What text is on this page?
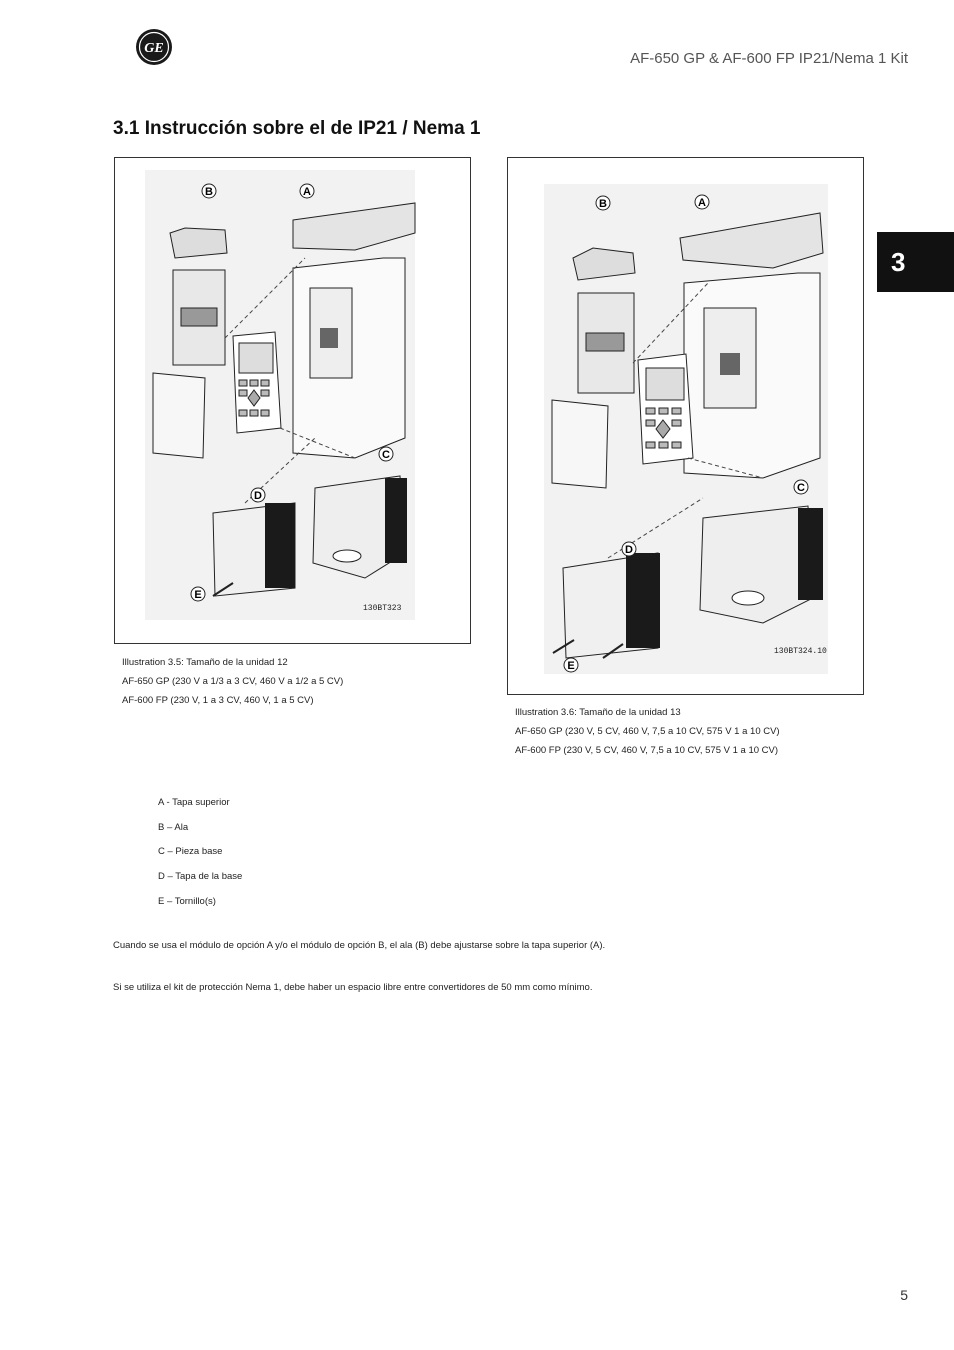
GE
AF-650 GP & AF-600 FP IP21/Nema 1 Kit
3.1 Instrucción sobre el de IP21 / Nema 1
3
B	A
C
D
E
130BT323
B	A
C
D
E
130BT324.10
Illustration 3.5: Tamaño de la unidad 12
AF-650 GP (230 V a 1/3 a 3 CV, 460 V a 1/2 a 5 CV)
AF-600 FP (230 V, 1 a 3 CV, 460 V, 1 a 5 CV)
Illustration 3.6: Tamaño de la unidad 13
AF-650 GP (230 V, 5 CV, 460 V, 7,5 a 10 CV, 575 V 1 a 10 CV)
AF-600 FP (230 V, 5 CV, 460 V, 7,5 a 10 CV, 575 V 1 a 10 CV)
A - Tapa superior
B – Ala
C – Pieza base
D – Tapa de la base
E – Tornillo(s)
Cuando se usa el módulo de opción A y/o el módulo de opción B, el ala (B) debe ajustarse sobre la tapa superior (A).
Si se utiliza el kit de protección Nema 1, debe haber un espacio libre entre convertidores de 50 mm como mínimo.
5
